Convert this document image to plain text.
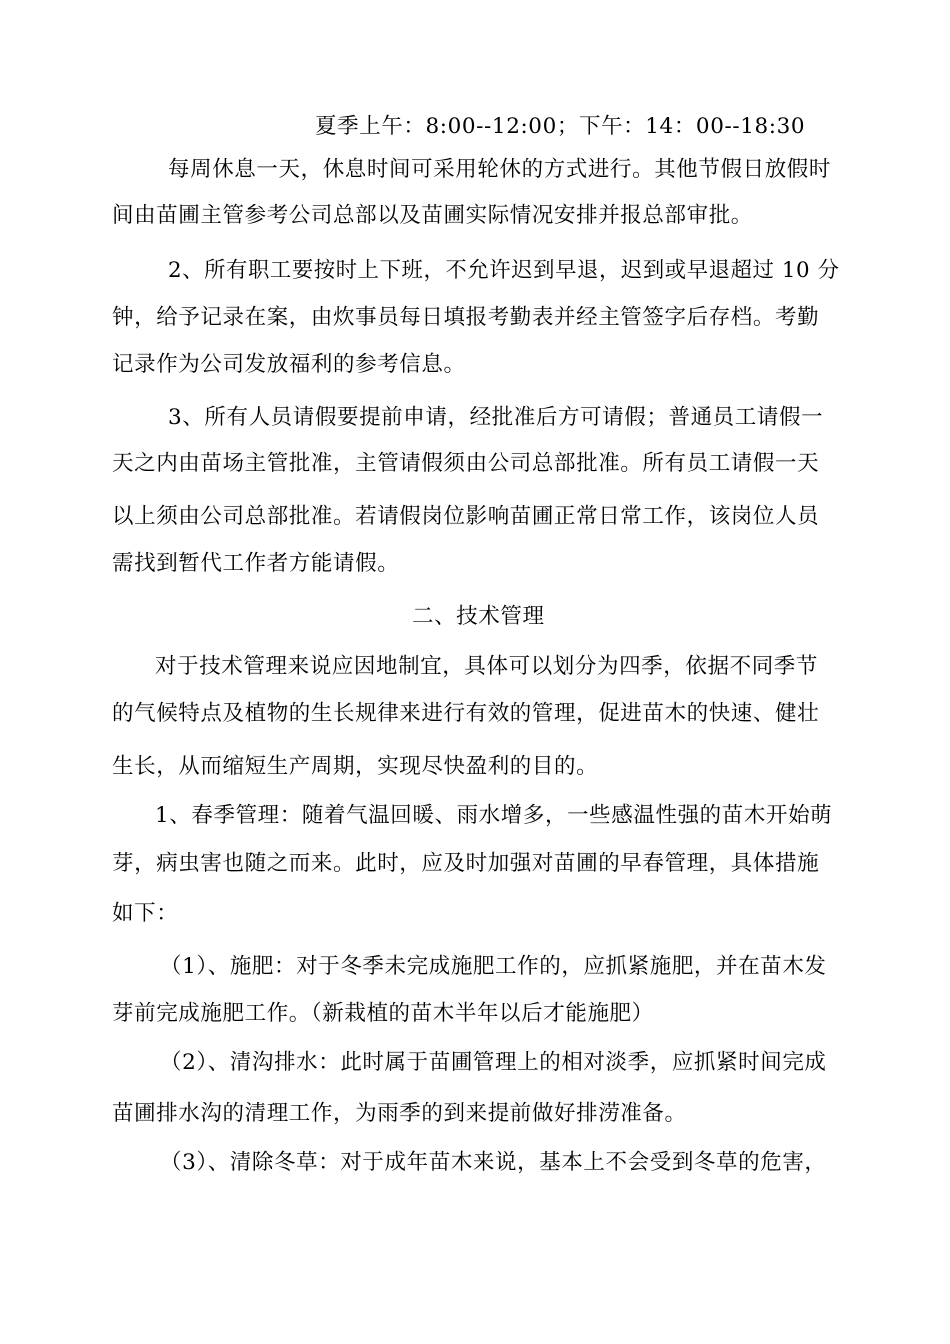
夏季上午：8:00--12:00；下午：14：00--18:30
每周休息一天，休息时间可采用轮休的方式进行。其他节假日放假时
间由苗圃主管参考公司总部以及苗圃实际情况安排并报总部审批。
2、所有职工要按时上下班，不允许迟到早退，迟到或早退超过 10 分
钟，给予记录在案，由炊事员每日填报考勤表并经主管签字后存档。考勤
记录作为公司发放福利的参考信息。
3、所有人员请假要提前申请，经批准后方可请假；普通员工请假一
天之内由苗场主管批准，主管请假须由公司总部批准。所有员工请假一天
以上须由公司总部批准。若请假岗位影响苗圃正常日常工作，该岗位人员
需找到暂代工作者方能请假。
二、技术管理
对于技术管理来说应因地制宜，具体可以划分为四季，依据不同季节
的气候特点及植物的生长规律来进行有效的管理，促进苗木的快速、健壮
生长，从而缩短生产周期，实现尽快盈利的目的。
1、春季管理：随着气温回暖、雨水增多，一些感温性强的苗木开始萌
芽，病虫害也随之而来。此时，应及时加强对苗圃的早春管理，具体措施
如下：
（1）、施肥：对于冬季未完成施肥工作的，应抓紧施肥，并在苗木发
芽前完成施肥工作。（新栽植的苗木半年以后才能施肥）
（2）、清沟排水：此时属于苗圃管理上的相对淡季，应抓紧时间完成
苗圃排水沟的清理工作，为雨季的到来提前做好排涝准备。
（3）、清除冬草：对于成年苗木来说，基本上不会受到冬草的危害，
